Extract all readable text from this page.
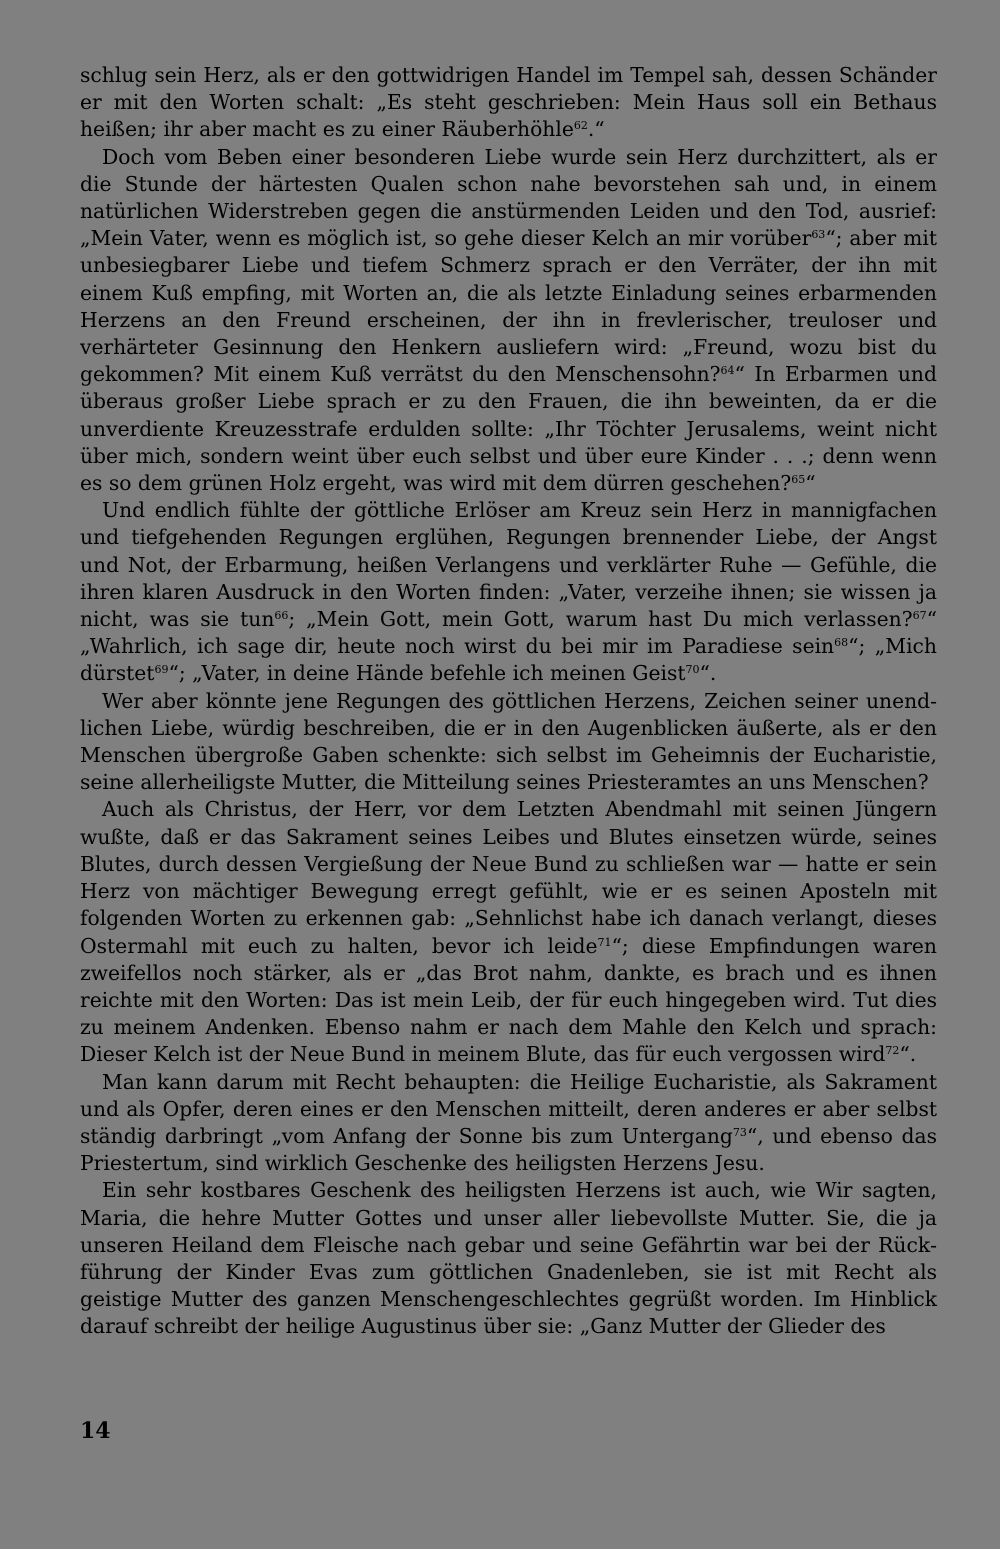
schlug sein Herz, als er den gottwidrigen Handel im Tempel sah, dessen Schänder er mit den Worten schalt: „Es steht geschrieben: Mein Haus soll ein Bethaus heißen; ihr aber macht es zu einer Räuberhöhle$^{62}$.“

Doch vom Beben einer besonderen Liebe wurde sein Herz durchzittert, als er die Stunde der härtesten Qualen schon nahe bevorstehen sah und, in einem natürlichen Widerstreben gegen die anstürmenden Leiden und den Tod, ausrief: „Mein Vater, wenn es möglich ist, so gehe dieser Kelch an mir vorüber$^{63}$“; aber mit unbesiegbarer Liebe und tiefem Schmerz sprach er den Verräter, der ihn mit einem Kuß empfing, mit Worten an, die als letzte Einladung seines erbarmenden Herzens an den Freund erscheinen, der ihn in frevlerischer, treuloser und verhärteter Gesinnung den Henkern ausliefern wird: „Freund, wozu bist du gekommen? Mit einem Kuß verrätst du den Menschensohn?$^{64}$“ In Erbarmen und überaus großer Liebe sprach er zu den Frauen, die ihn beweinten, da er die unverdiente Kreuzesstrafe erdulden sollte: „Ihr Töchter Jerusalems, weint nicht über mich, sondern weint über euch selbst und über eure Kinder . . .; denn wenn es so dem grünen Holz ergeht, was wird mit dem dürren geschehen?$^{65}$“

Und endlich fühlte der göttliche Erlöser am Kreuz sein Herz in mannigfachen und tiefgehenden Regungen erglühen, Regungen brennender Liebe, der Angst und Not, der Erbarmung, heißen Verlangens und verklärter Ruhe — Gefühle, die ihren klaren Ausdruck in den Worten finden: „Vater, verzeihe ihnen; sie wissen ja nicht, was sie tun$^{66}$; „Mein Gott, mein Gott, warum hast Du mich verlassen?$^{67}$“ „Wahrlich, ich sage dir, heute noch wirst du bei mir im Paradiese sein$^{68}$“; „Mich dürstet$^{69}$“; „Vater, in deine Hände befehle ich meinen Geist$^{70}$“.

Wer aber könnte jene Regungen des göttlichen Herzens, Zeichen seiner unendlichen Liebe, würdig beschreiben, die er in den Augenblicken äußerte, als er den Menschen übergroße Gaben schenkte: sich selbst im Geheimnis der Eucharistie, seine allerheiligste Mutter, die Mitteilung seines Priesteramtes an uns Menschen?

Auch als Christus, der Herr, vor dem Letzten Abendmahl mit seinen Jüngern wußte, daß er das Sakrament seines Leibes und Blutes einsetzen würde, seines Blutes, durch dessen Vergießung der Neue Bund zu schließen war — hatte er sein Herz von mächtiger Bewegung erregt gefühlt, wie er es seinen Aposteln mit folgenden Worten zu erkennen gab: „Sehnlichst habe ich danach verlangt, dieses Ostermahl mit euch zu halten, bevor ich leide$^{71}$“; diese Empfindungen waren zweifellos noch stärker, als er „das Brot nahm, dankte, es brach und es ihnen reichte mit den Worten: Das ist mein Leib, der für euch hingegeben wird. Tut dies zu meinem Andenken. Ebenso nahm er nach dem Mahle den Kelch und sprach: Dieser Kelch ist der Neue Bund in meinem Blute, das für euch vergossen wird$^{72}$“.

Man kann darum mit Recht behaupten: die Heilige Eucharistie, als Sakrament und als Opfer, deren eines er den Menschen mitteilt, deren anderes er aber selbst ständig darbringt „vom Anfang der Sonne bis zum Untergang$^{73}$“, und ebenso das Priestertum, sind wirklich Geschenke des heiligsten Herzens Jesu.

Ein sehr kostbares Geschenk des heiligsten Herzens ist auch, wie Wir sagten, Maria, die hehre Mutter Gottes und unser aller liebevollste Mutter. Sie, die ja unseren Heiland dem Fleische nach gebar und seine Gefährtin war bei der Rückführung der Kinder Evas zum göttlichen Gnadenleben, sie ist mit Recht als geistige Mutter des ganzen Menschengeschlechtes gegrüßt worden. Im Hinblick darauf schreibt der heilige Augustinus über sie: „Ganz Mutter der Glieder des

14
